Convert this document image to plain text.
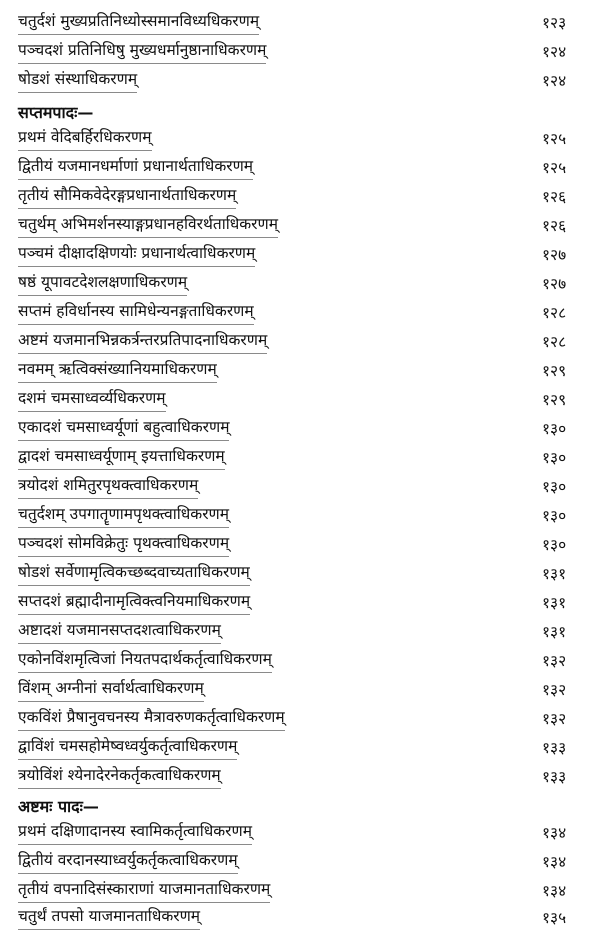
चतुर्दशं मुख्यप्रतिनिध्योस्समानविध्यधिकरणम्	१२३
पञ्चदशं प्रतिनिधिषु मुख्यधर्मानुष्ठानाधिकरणम्	१२४
षोडशं संस्थाधिकरणम्	१२४
सप्तमपादः—
प्रथमं वेदिबर्हिरधिकरणम्	१२५
द्वितीयं यजमानधर्माणां प्रधानार्थताधिकरणम्	१२५
तृतीयं सौमिकवेदेरङ्गप्रधानार्थताधिकरणम्	१२६
चतुर्थम् अभिमर्शनस्याङ्गप्रधानहविरर्थताधिकरणम्	१२६
पञ्चमं दीक्षादक्षिणयोः प्रधानार्थत्वाधिकरणम्	१२७
षष्ठं यूपावटदेशलक्षणाधिकरणम्	१२७
सप्तमं हविर्धानस्य सामिधेन्यनङ्गताधिकरणम्	१२८
अष्टमं यजमानभिन्नकर्त्रन्तरप्रतिपादनाधिकरणम्	१२८
नवमम् ऋत्विक्संख्यानियमाधिकरणम्	१२९
दशमं चमसाध्वर्व्यधिकरणम्	१२९
एकादशं चमसाध्वर्यूणां बहुत्वाधिकरणम्	१३०
द्वादशं चमसाध्वर्यूणाम् इयत्ताधिकरणम्	१३०
त्रयोदशं शमितुरपृथक्त्वाधिकरणम्	१३०
चतुर्दशम् उपगातॄणामपृथक्त्वाधिकरणम्	१३०
पञ्चदशं सोमविक्रेतुः पृथक्त्वाधिकरणम्	१३०
षोडशं सर्वेणामृत्विकच्छब्दवाच्यताधिकरणम्	१३१
सप्तदशं ब्रह्मादीनामृत्विक्त्वनियमाधिकरणम्	१३१
अष्टादशं यजमानसप्तदशत्वाधिकरणम्	१३१
एकोनविंशमृत्विजां नियतपदार्थकर्तृत्वाधिकरणम्	१३२
विंशम् अग्नीनां सर्वार्थत्वाधिकरणम्	१३२
एकविंशं प्रैषानुवचनस्य मैत्रावरुणकर्तृत्वाधिकरणम्	१३२
द्वाविंशं चमसहोमेष्वध्वर्युकर्तृत्वाधिकरणम्	१३३
त्रयोविंशं श्येनादेरनेकर्तृकत्वाधिकरणम्	१३३
अष्टमः पादः—
प्रथमं दक्षिणादानस्य स्वामिकर्तृत्वाधिकरणम्	१३४
द्वितीयं वरदानस्याध्वर्युकर्तृकत्वाधिकरणम्	१३४
तृतीयं वपनादिसंस्काराणां याजमानताधिकरणम्	१३४
चतुर्थं तपसो याजमानताधिकरणम्	१३५
